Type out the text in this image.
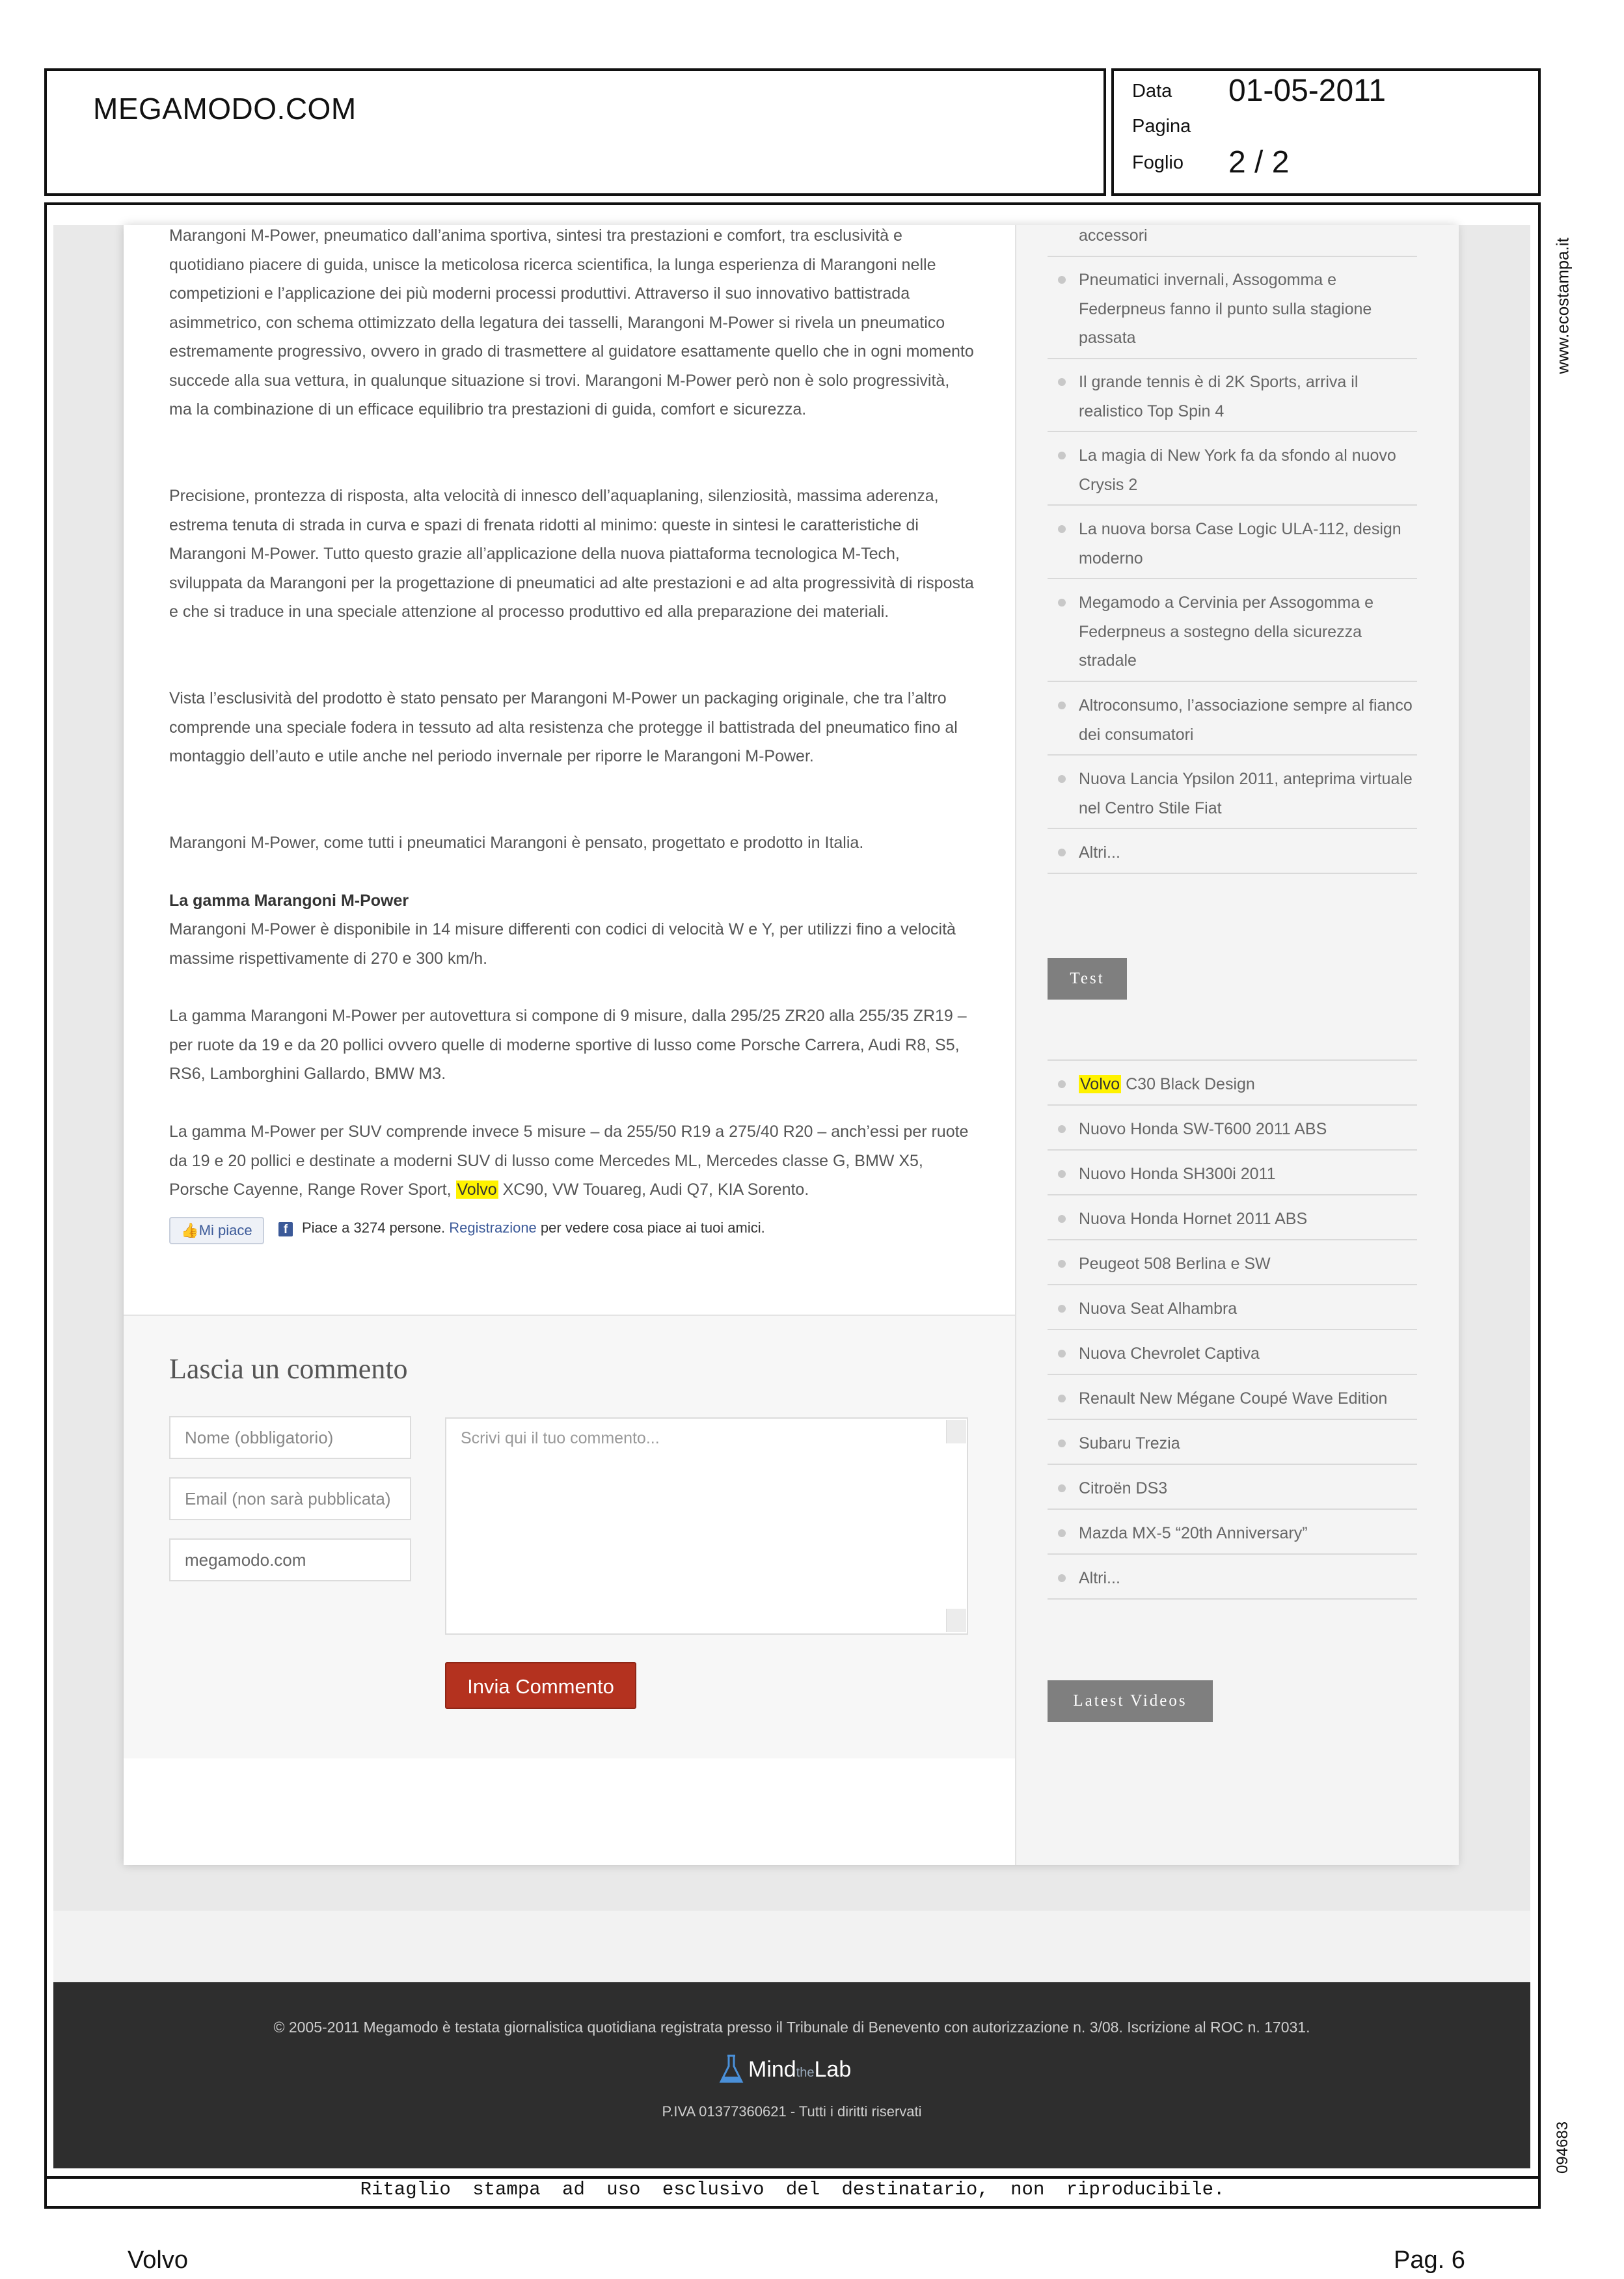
MEGAMODO.COM
Data 01-05-2011
Pagina
Foglio 2 / 2
www.ecostampa.it
094683
Marangoni M-Power, pneumatico dall’anima sportiva, sintesi tra prestazioni e comfort, tra esclusività e quotidiano piacere di guida, unisce la meticolosa ricerca scientifica, la lunga esperienza di Marangoni nelle competizioni e l’applicazione dei più moderni processi produttivi. Attraverso il suo innovativo battistrada asimmetrico, con schema ottimizzato della legatura dei tasselli, Marangoni M-Power si rivela un pneumatico estremamente progressivo, ovvero in grado di trasmettere al guidatore esattamente quello che in ogni momento succede alla sua vettura, in qualunque situazione si trovi. Marangoni M-Power però non è solo progressività, ma la combinazione di un efficace equilibrio tra prestazioni di guida, comfort e sicurezza.
Precisione, prontezza di risposta, alta velocità di innesco dell’aquaplaning, silenziosità, massima aderenza, estrema tenuta di strada in curva e spazi di frenata ridotti al minimo: queste in sintesi le caratteristiche di Marangoni M-Power. Tutto questo grazie all’applicazione della nuova piattaforma tecnologica M-Tech, sviluppata da Marangoni per la progettazione di pneumatici ad alte prestazioni e ad alta progressività di risposta e che si traduce in una speciale attenzione al processo produttivo ed alla preparazione dei materiali.
Vista l’esclusività del prodotto è stato pensato per Marangoni M-Power un packaging originale, che tra l’altro comprende una speciale fodera in tessuto ad alta resistenza che protegge il battistrada del pneumatico fino al montaggio dell’auto e utile anche nel periodo invernale per riporre le Marangoni M-Power.
Marangoni M-Power, come tutti i pneumatici Marangoni è pensato, progettato e prodotto in Italia.
La gamma Marangoni M-Power
Marangoni M-Power è disponibile in 14 misure differenti con codici di velocità W e Y, per utilizzi fino a velocità massime rispettivamente di 270 e 300 km/h.
La gamma Marangoni M-Power per autovettura si compone di 9 misure, dalla 295/25 ZR20 alla 255/35 ZR19 – per ruote da 19 e da 20 pollici ovvero quelle di moderne sportive di lusso come Porsche Carrera, Audi R8, S5, RS6, Lamborghini Gallardo, BMW M3.
La gamma M-Power per SUV comprende invece 5 misure – da 255/50 R19 a 275/40 R20 – anch’essi per ruote da 19 e 20 pollici e destinate a moderni SUV di lusso come Mercedes ML, Mercedes classe G, BMW X5, Porsche Cayenne, Range Rover Sport, Volvo XC90, VW Touareg, Audi Q7, KIA Sorento.
👍Mi piace	f Piace a 3274 persone. Registrazione per vedere cosa piace ai tuoi amici.
Lascia un commento
Nome (obbligatorio)
Email (non sarà pubblicata)
megamodo.com
Scrivi qui il tuo commento...
Invia Commento
accessori
Pneumatici invernali, Assogomma e Federpneus fanno il punto sulla stagione passata
Il grande tennis è di 2K Sports, arriva il realistico Top Spin 4
La magia di New York fa da sfondo al nuovo Crysis 2
La nuova borsa Case Logic ULA-112, design moderno
Megamodo a Cervinia per Assogomma e Federpneus a sostegno della sicurezza stradale
Altroconsumo, l’associazione sempre al fianco dei consumatori
Nuova Lancia Ypsilon 2011, anteprima virtuale nel Centro Stile Fiat
Altri...
Test
Volvo C30 Black Design
Nuovo Honda SW-T600 2011 ABS
Nuovo Honda SH300i 2011
Nuova Honda Hornet 2011 ABS
Peugeot 508 Berlina e SW
Nuova Seat Alhambra
Nuova Chevrolet Captiva
Renault New Mégane Coupé Wave Edition
Subaru Trezia
Citroën DS3
Mazda MX-5 “20th Anniversary”
Altri...
Latest Videos
© 2005-2011 Megamodo è testata giornalistica quotidiana registrata presso il Tribunale di Benevento con autorizzazione n. 3/08. Iscrizione al ROC n. 17031.
MindtheLab
P.IVA 01377360621 - Tutti i diritti riservati
Ritaglio stampa ad uso esclusivo del destinatario, non riproducibile.
Volvo	Pag. 6
